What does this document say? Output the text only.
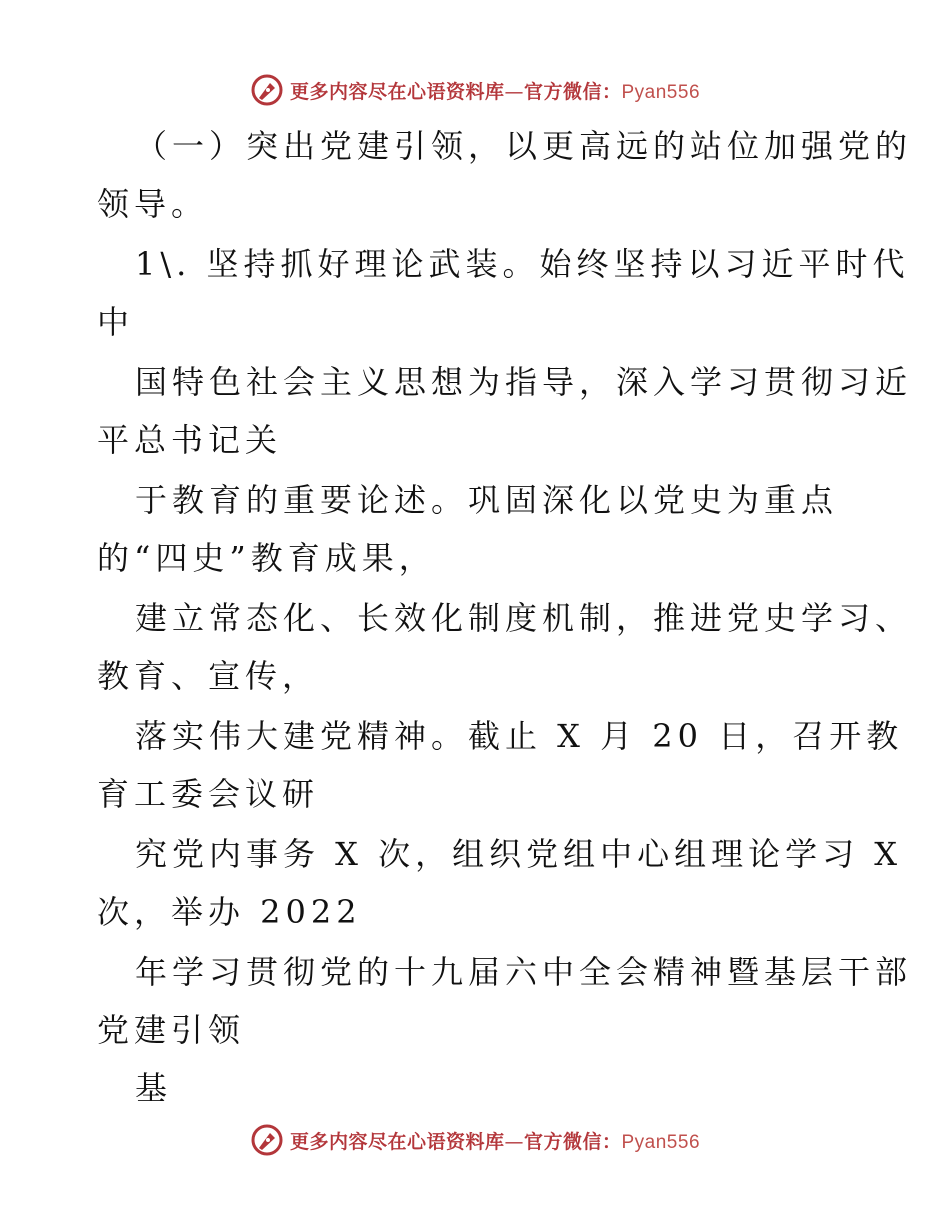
更多内容尽在心语资料库—官方微信：Pyan556
（一）突出党建引领，以更高远的站位加强党的
领导。
1\. 坚持抓好理论武装。始终坚持以习近平时代
中
国特色社会主义思想为指导，深入学习贯彻习近
平总书记关
于教育的重要论述。巩固深化以党史为重点
的“四史”教育成果，
建立常态化、长效化制度机制，推进党史学习、
教育、宣传，
落实伟大建党精神。截止 X 月 20 日，召开教
育工委会议研
究党内事务 X 次，组织党组中心组理论学习 X
次，举办 2022
年学习贯彻党的十九届六中全会精神暨基层干部
党建引领
基
更多内容尽在心语资料库—官方微信：Pyan556
